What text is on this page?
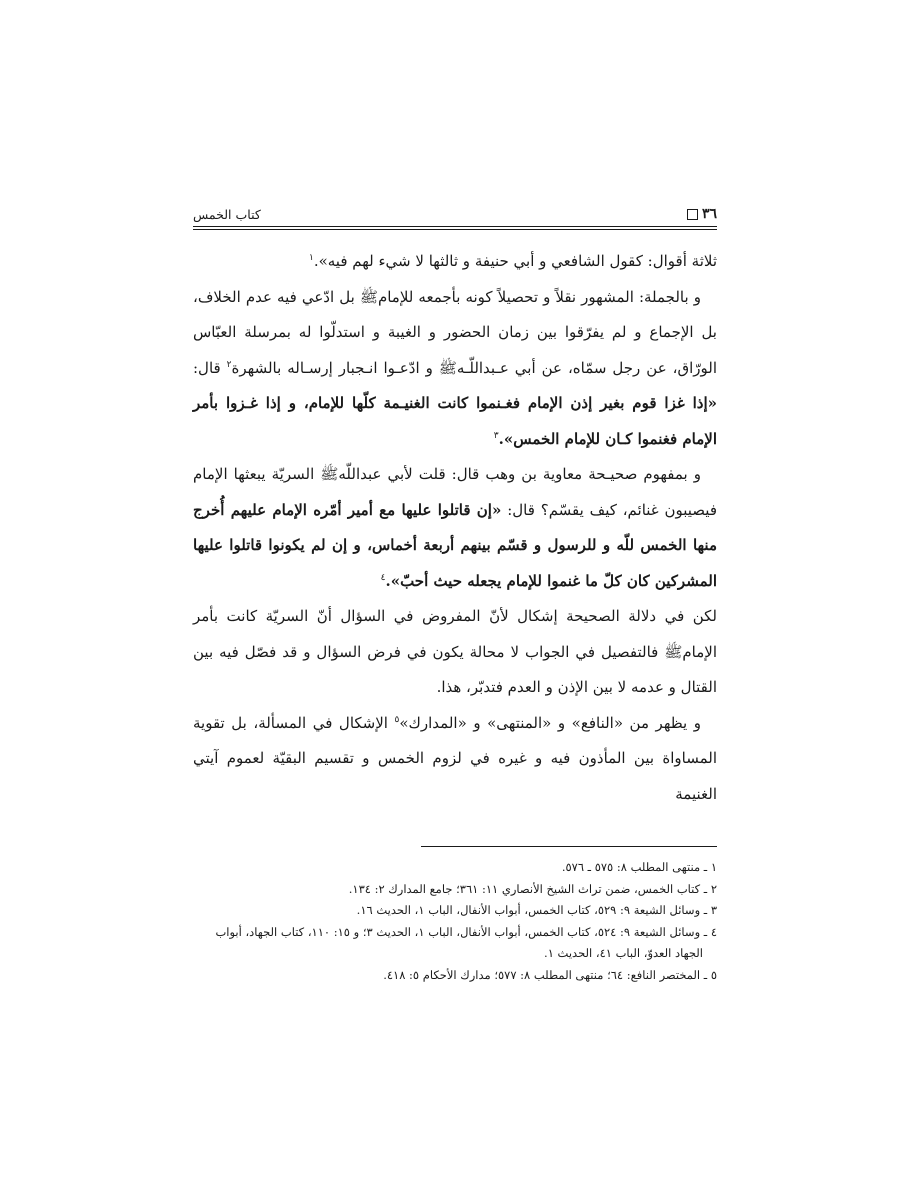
٣٦
كتاب الخمس

ثلاثة أقوال: كقول الشافعي و أبي حنيفة و ثالثها لا شيء لهم فيه».$^١$

و بالجملة: المشهور نقلاً و تحصيلاً كونه بأجمعه للإمام⁢ﷺ بل ادّعي فيه عدم الخلاف، بل الإجماع و لم يفرّقوا بين زمان الحضور و الغيبة و استدلّوا له بمرسلة العبّاس الورّاق، عن رجل سمّاه، عن أبي عـبداللّـه⁢ﷺ و ادّعـوا انـجبار إرسـاله بالشهرة$^٢$ قال: «إذا غزا قوم بغير إذن الإمام فغـنموا كانت الغنيـمة كلّها للإمام، و إذا غـزوا بأمر الإمام فغنموا كـان للإمام الخمس».$^٣$

و بمفهوم صحيـحة معاوية بن وهب قال: قلت لأبي عبداللّه⁢ﷺ السريّة يبعثها الإمام فيصيبون غنائم، كيف يقسّم؟ قال: «إن قاتلوا عليها مع أمير أمّره الإمام عليهم أُخرج منها الخمس للّه و للرسول و قسّم بينهم أربعة أخماس، و إن لم يكونوا قاتلوا عليها المشركين كان كلّ ما غنموا للإمام يجعله حيث أحبّ».$^٤$

لكن في دلالة الصحيحة إشكال لأنّ المفروض في السؤال أنّ السريّة كانت بأمر الإمام⁢ﷺ فالتفصيل في الجواب لا محالة يكون في فرض السؤال و قد فصّل فيه بين القتال و عدمه لا بين الإذن و العدم فتدبّر، هذا.

و يظهر من «النافع» و «المنتهى» و «المدارك»$^٥$ الإشكال في المسألة، بل تقوية المساواة بين المأذون فيه و غيره في لزوم الخمس و تقسيم البقيّة لعموم آيتي الغنيمة

١ ـ منتهى المطلب ٨: ٥٧٥ ـ ٥٧٦.

٢ ـ كتاب الخمس، ضمن تراث الشيخ الأنصاري ١١: ٣٦١؛ جامع المدارك ٢: ١٣٤.

٣ ـ وسائل الشيعة ٩: ٥٢٩، كتاب الخمس، أبواب الأنفال، الباب ١، الحديث ١٦.

٤ ـ وسائل الشيعة ٩: ٥٢٤، كتاب الخمس، أبواب الأنفال، الباب ١، الحديث ٣؛ و ١٥: ١١٠، كتاب الجهاد، أبواب

الجهاد العدوّ، الباب ٤١، الحديث ١.

٥ ـ المختصر النافع: ٦٤؛ منتهى المطلب ٨: ٥٧٧؛ مدارك الأحكام ٥: ٤١٨.
